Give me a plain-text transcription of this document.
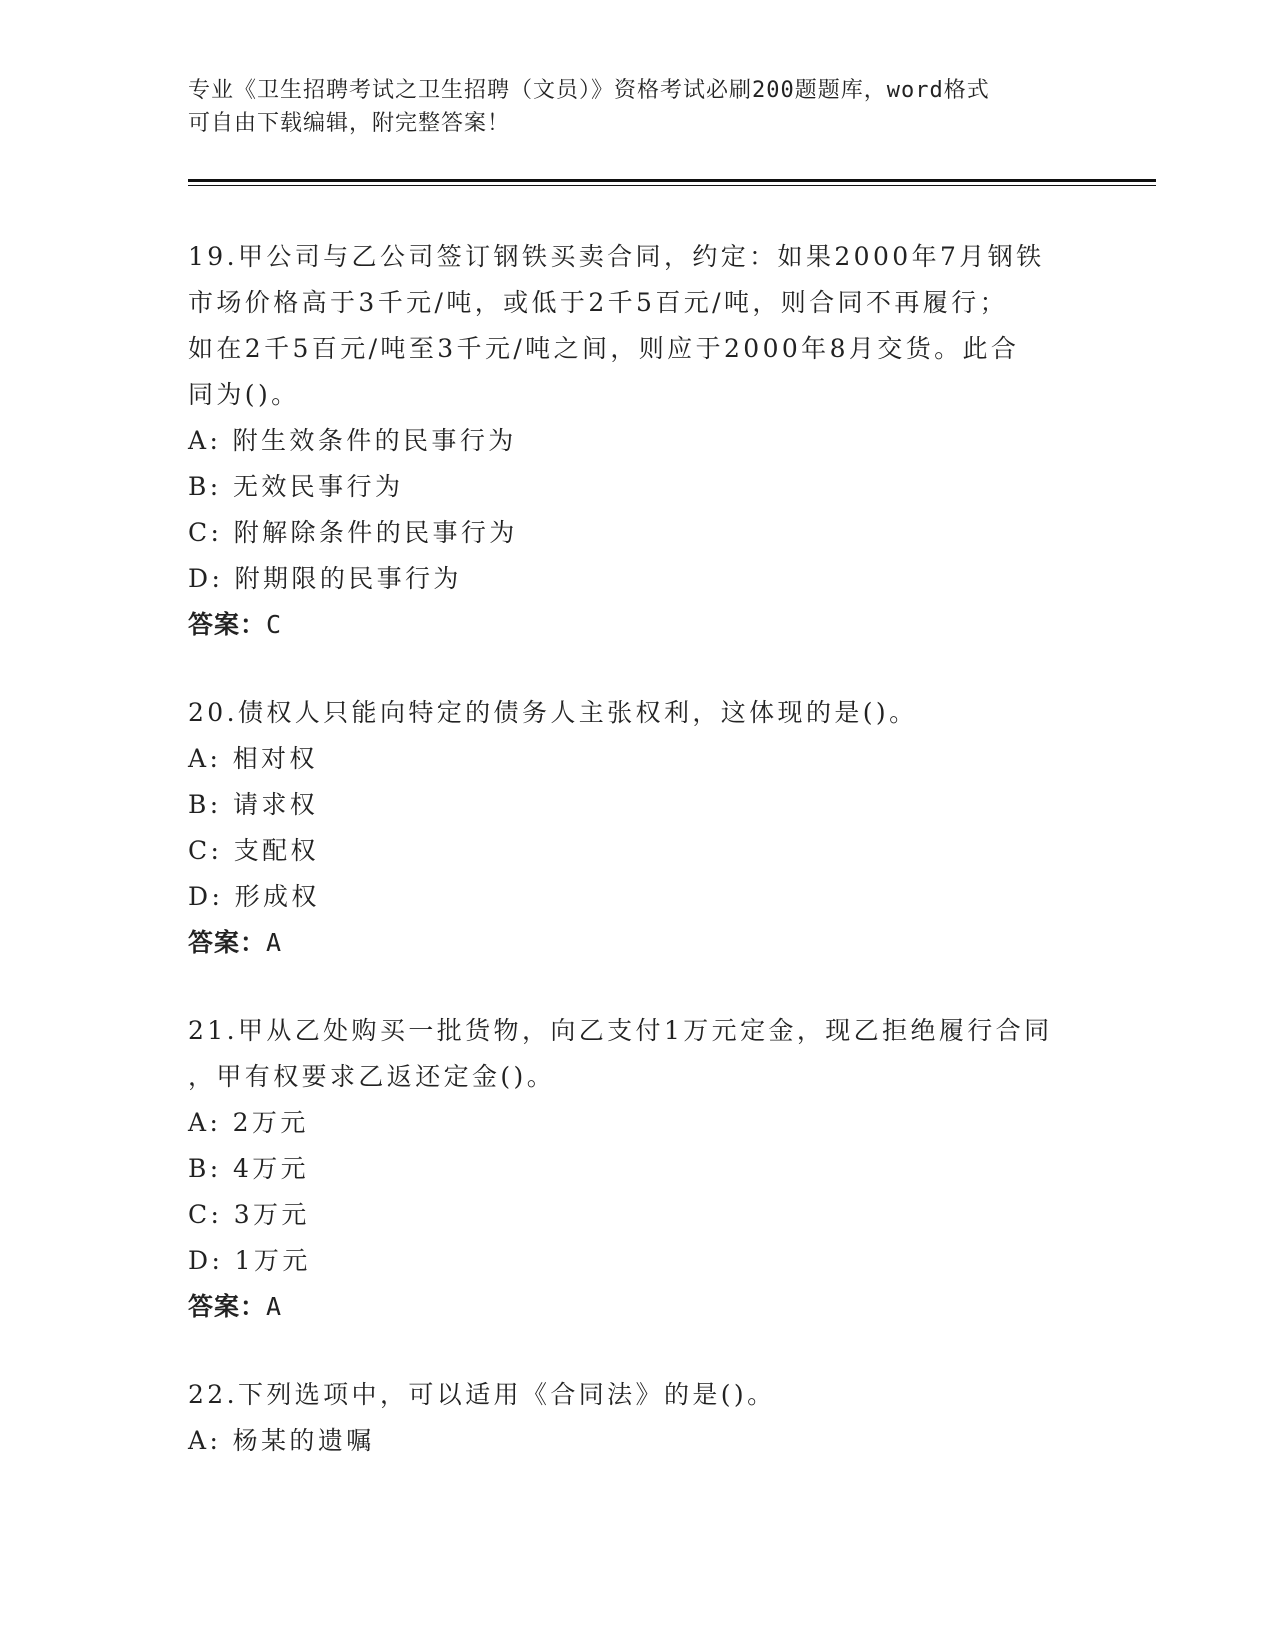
专业《卫生招聘考试之卫生招聘（文员）》资格考试必刷200题题库，word格式
可自由下载编辑，附完整答案！
19.甲公司与乙公司签订钢铁买卖合同，约定：如果2000年7月钢铁
市场价格高于3千元/吨，或低于2千5百元/吨，则合同不再履行；
如在2千5百元/吨至3千元/吨之间，则应于2000年8月交货。此合
同为()。
A: 附生效条件的民事行为
B: 无效民事行为
C: 附解除条件的民事行为
D: 附期限的民事行为
答案：C
20.债权人只能向特定的债务人主张权利，这体现的是()。
A: 相对权
B: 请求权
C: 支配权
D: 形成权
答案：A
21.甲从乙处购买一批货物，向乙支付1万元定金，现乙拒绝履行合同
，甲有权要求乙返还定金()。
A: 2万元
B: 4万元
C: 3万元
D: 1万元
答案：A
22.下列选项中，可以适用《合同法》的是()。
A: 杨某的遗嘱
